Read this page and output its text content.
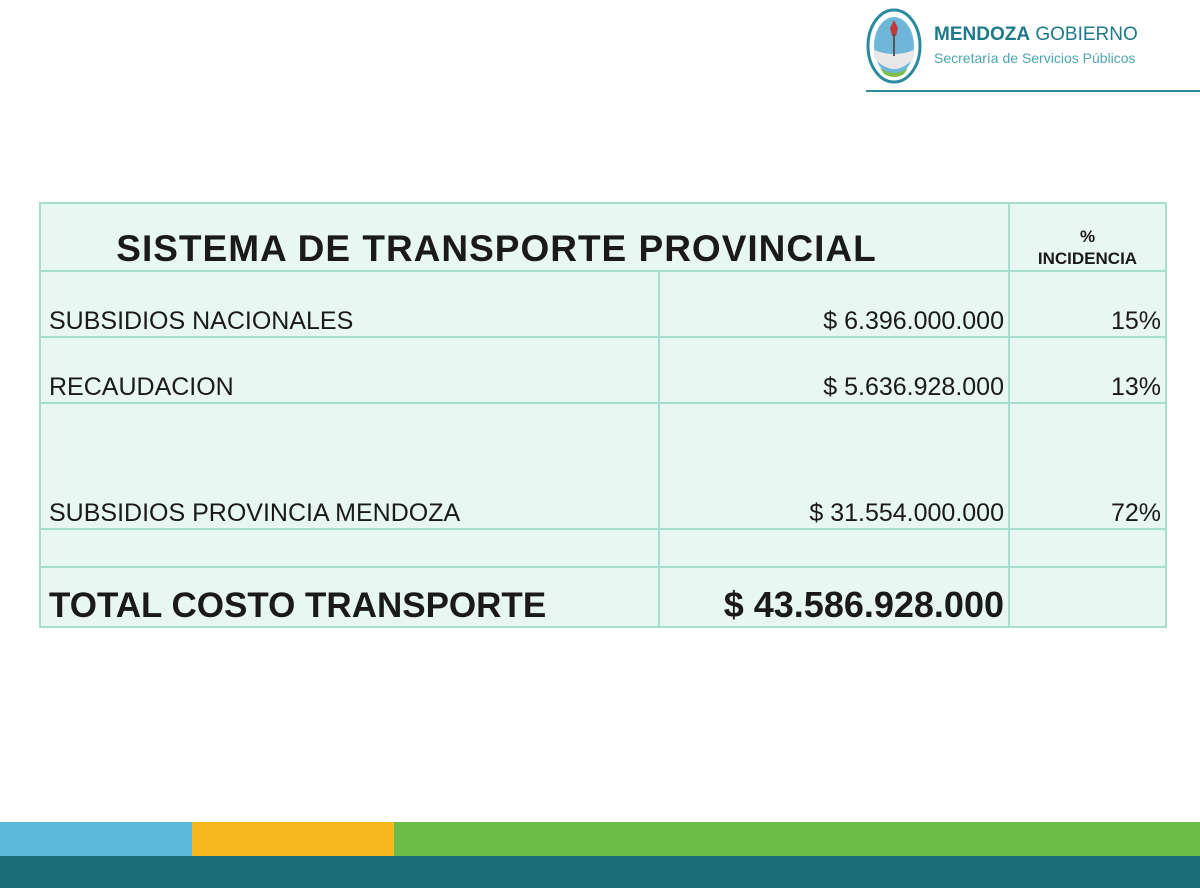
MENDOZA GOBIERNO
Secretaría de Servicios Públicos
SISTEMA DE TRANSPORTE PROVINCIAL		%
INCIDENCIA

SUBSIDIOS NACIONALES	$ 6.396.000.000	15%
RECAUDACION	$ 5.636.928.000	13%
SUBSIDIOS PROVINCIA MENDOZA	$ 31.554.000.000	72%

TOTAL COSTO TRANSPORTE	$ 43.586.928.000	
